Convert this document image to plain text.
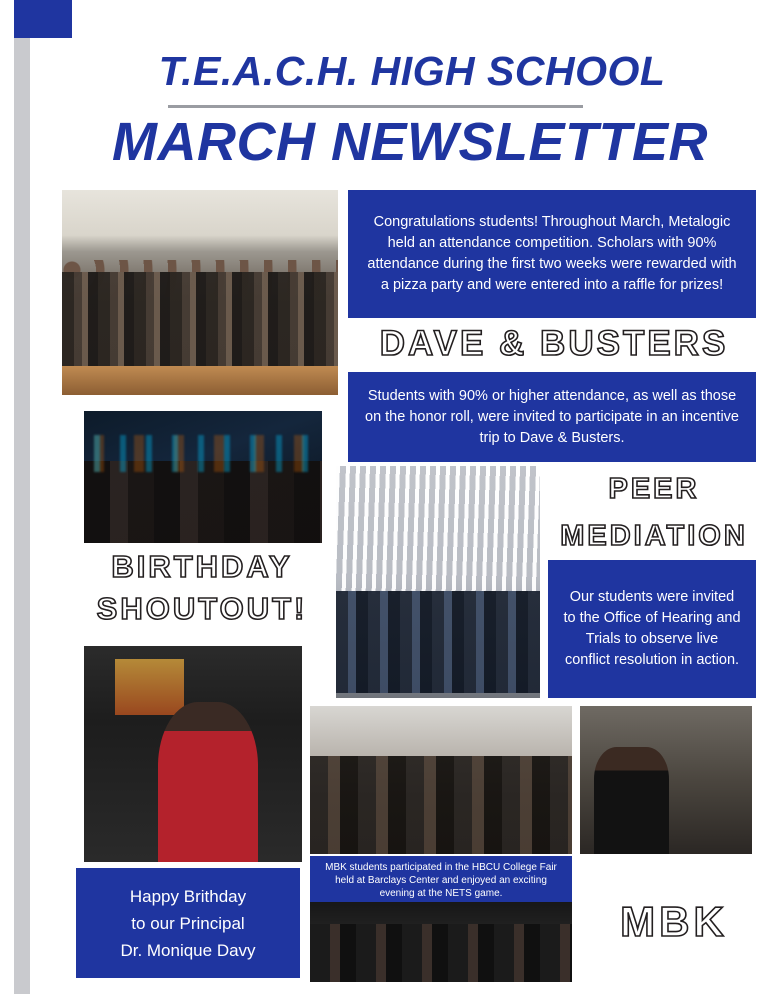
T.E.A.C.H. HIGH SCHOOL
MARCH NEWSLETTER
Congratulations students! Throughout March, Metalogic held an attendance competition. Scholars with 90% attendance during the first two weeks were rewarded with a pizza party and were entered into a raffle for prizes!
DAVE & BUSTERS
Students with 90% or higher attendance, as well as those on the honor roll, were invited to participate in an incentive trip to Dave & Busters.
PEER
MEDIATION
Our students were invited to the Office of Hearing and Trials to observe live conflict resolution in action.
BIRTHDAY
SHOUTOUT!
Happy Brithday
to our Principal
Dr. Monique Davy
MBK students participated in the HBCU College Fair held at Barclays Center and enjoyed an exciting evening at the NETS game.
MBK
